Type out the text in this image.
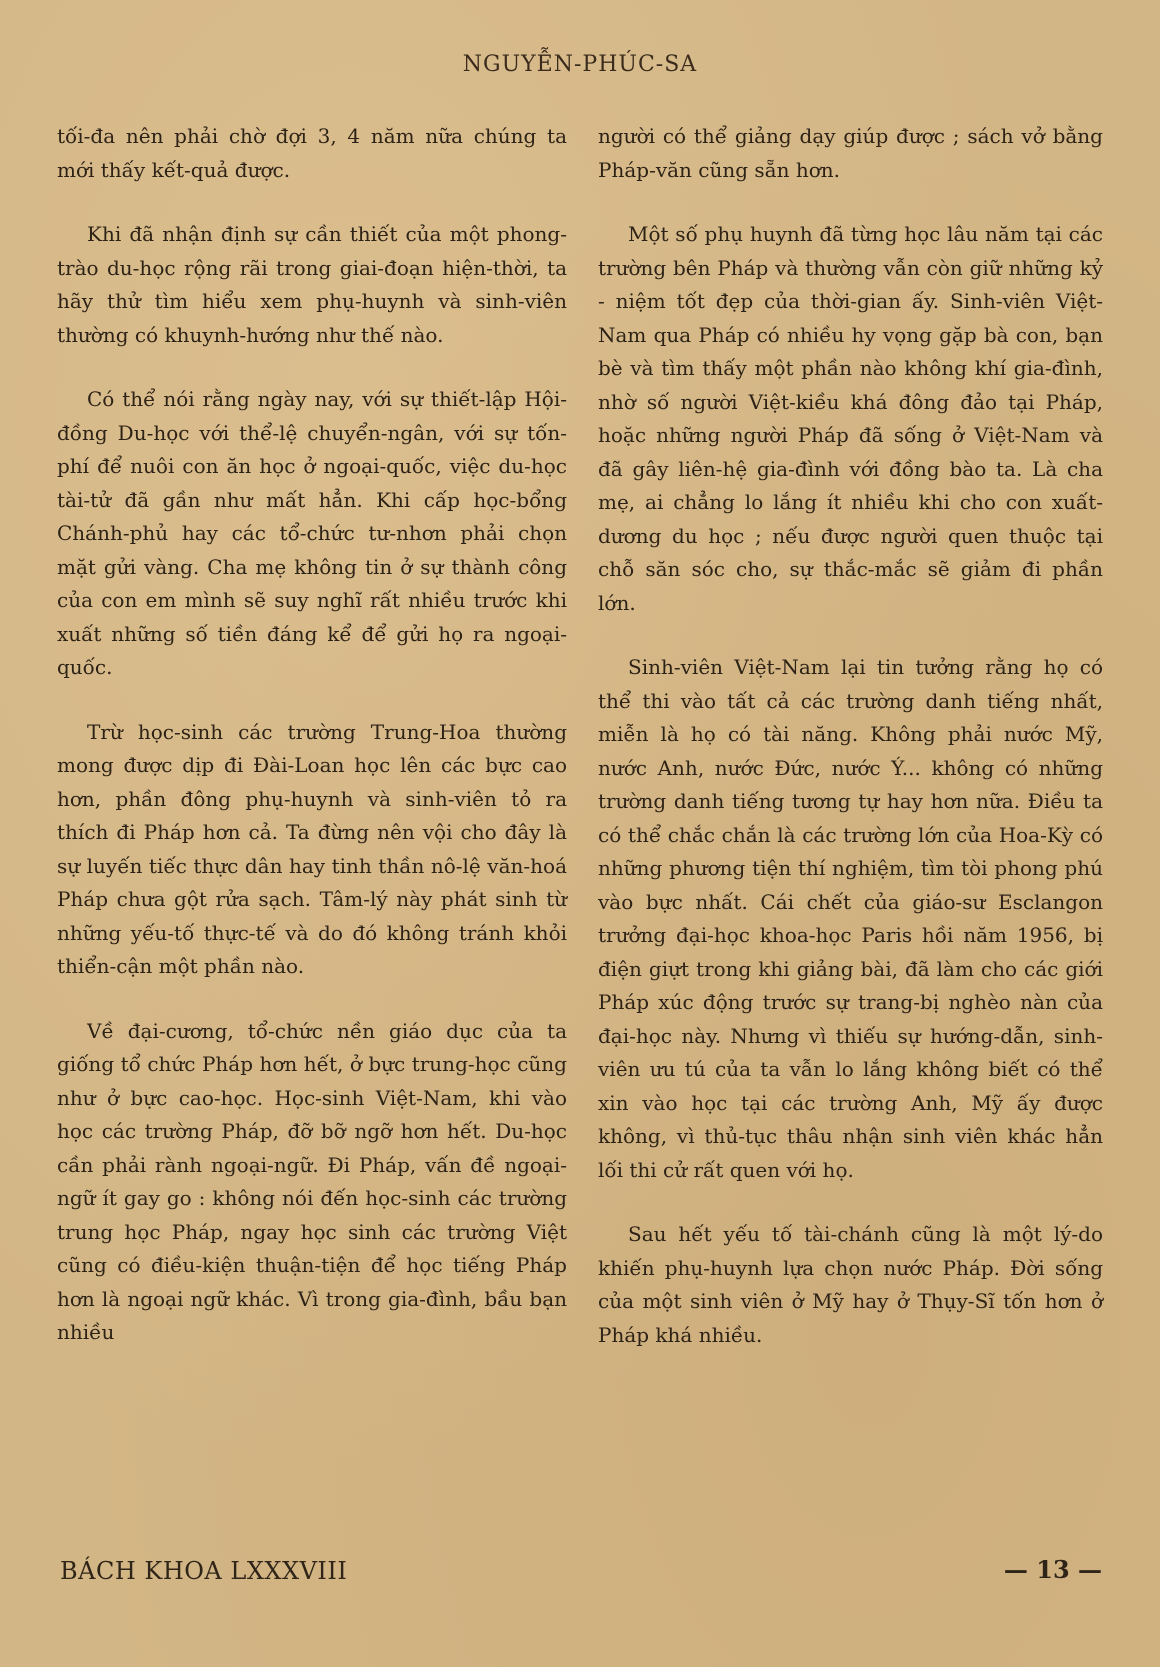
NGUYỄN-PHÚC-SA

tối-đa nên phải chờ đợi 3, 4 năm nữa chúng ta mới thấy kết-quả được.

Khi đã nhận định sự cần thiết của một phong-trào du-học rộng rãi trong giai-đoạn hiện-thời, ta hãy thử tìm hiểu xem phụ-huynh và sinh-viên thường có khuynh-hướng như thế nào.

Có thể nói rằng ngày nay, với sự thiết-lập Hội-đồng Du-học với thể-lệ chuyển-ngân, với sự tốn-phí để nuôi con ăn học ở ngoại-quốc, việc du-học tài-tử đã gần như mất hẳn. Khi cấp học-bổng Chánh-phủ hay các tổ-chức tư-nhơn phải chọn mặt gửi vàng. Cha mẹ không tin ở sự thành công của con em mình sẽ suy nghĩ rất nhiều trước khi xuất những số tiền đáng kể để gửi họ ra ngoại-quốc.

Trừ học-sinh các trường Trung-Hoa thường mong được dịp đi Đài-Loan học lên các bực cao hơn, phần đông phụ-huynh và sinh-viên tỏ ra thích đi Pháp hơn cả. Ta đừng nên vội cho đây là sự luyến tiếc thực dân hay tinh thần nô-lệ văn-hoá Pháp chưa gột rửa sạch. Tâm-lý này phát sinh từ những yếu-tố thực-tế và do đó không tránh khỏi thiển-cận một phần nào.

Về đại-cương, tổ-chức nền giáo dục của ta giống tổ chức Pháp hơn hết, ở bực trung-học cũng như ở bực cao-học. Học-sinh Việt-Nam, khi vào học các trường Pháp, đỡ bỡ ngỡ hơn hết. Du-học cần phải rành ngoại-ngữ. Đi Pháp, vấn đề ngoại-ngữ ít gay go : không nói đến học-sinh các trường trung học Pháp, ngay học sinh các trường Việt cũng có điều-kiện thuận-tiện để học tiếng Pháp hơn là ngoại ngữ khác. Vì trong gia-đình, bầu bạn nhiều

người có thể giảng dạy giúp được ; sách vở bằng Pháp-văn cũng sẵn hơn.

Một số phụ huynh đã từng học lâu năm tại các trường bên Pháp và thường vẫn còn giữ những kỷ - niệm tốt đẹp của thời-gian ấy. Sinh-viên Việt-Nam qua Pháp có nhiều hy vọng gặp bà con, bạn bè và tìm thấy một phần nào không khí gia-đình, nhờ số người Việt-kiều khá đông đảo tại Pháp, hoặc những người Pháp đã sống ở Việt-Nam và đã gây liên-hệ gia-đình với đồng bào ta. Là cha mẹ, ai chẳng lo lắng ít nhiều khi cho con xuất-dương du học ; nếu được người quen thuộc tại chỗ săn sóc cho, sự thắc-mắc sẽ giảm đi phần lớn.

Sinh-viên Việt-Nam lại tin tưởng rằng họ có thể thi vào tất cả các trường danh tiếng nhất, miễn là họ có tài năng. Không phải nước Mỹ, nước Anh, nước Đức, nước Ý... không có những trường danh tiếng tương tự hay hơn nữa. Điều ta có thể chắc chắn là các trường lớn của Hoa-Kỳ có những phương tiện thí nghiệm, tìm tòi phong phú vào bực nhất. Cái chết của giáo-sư Esclangon trưởng đại-học khoa-học Paris hồi năm 1956, bị điện giựt trong khi giảng bài, đã làm cho các giới Pháp xúc động trước sự trang-bị nghèo nàn của đại-học này. Nhưng vì thiếu sự hướng-dẫn, sinh-viên ưu tú của ta vẫn lo lắng không biết có thể xin vào học tại các trường Anh, Mỹ ấy được không, vì thủ-tục thâu nhận sinh viên khác hẳn lối thi cử rất quen với họ.

Sau hết yếu tố tài-chánh cũng là một lý-do khiến phụ-huynh lựa chọn nước Pháp. Đời sống của một sinh viên ở Mỹ hay ở Thụy-Sĩ tốn hơn ở Pháp khá nhiều.

BÁCH KHOA LXXXVIII	— 13 —
